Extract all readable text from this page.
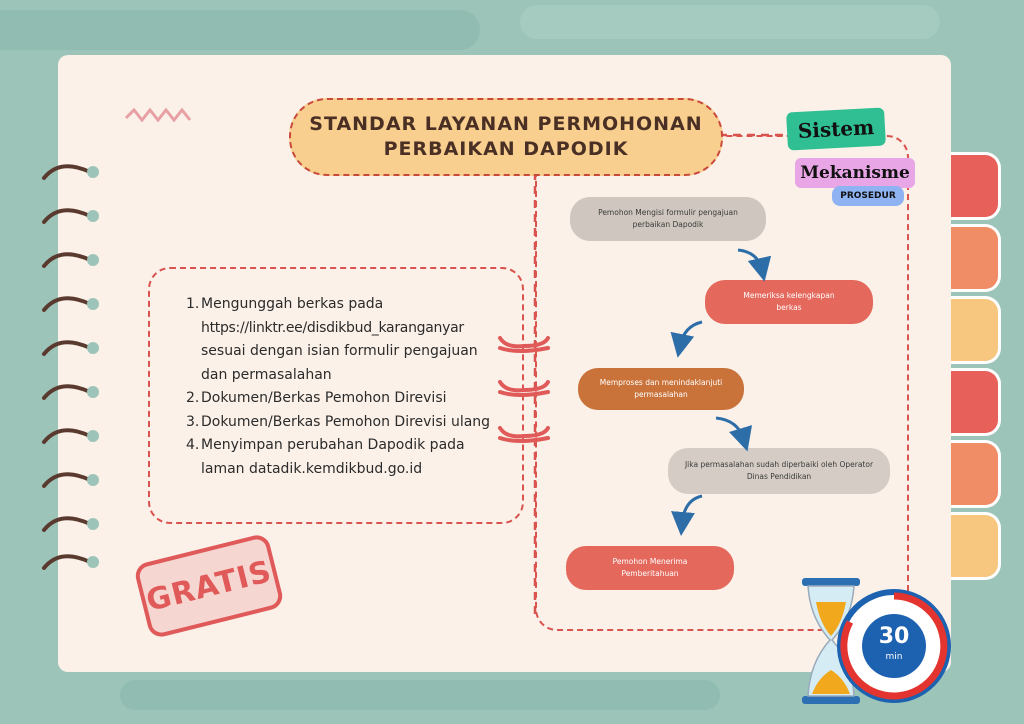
STANDAR LAYANAN PERMOHONAN
PERBAIKAN DAPODIK
Sistem
Mekanisme
PROSEDUR
1. Mengunggah berkas pada
https://linktr.ee/disdikbud_karanganyar
sesuai dengan isian formulir pengajuan
dan permasalahan
2. Dokumen/Berkas Pemohon Direvisi
3. Dokumen/Berkas Pemohon Direvisi ulang
4. Menyimpan perubahan Dapodik pada
laman datadik.kemdikbud.go.id
Pemohon Mengisi formulir pengajuan perbaikan Dapodik
Memeriksa kelengkapan berkas
Memproses dan menindaklanjuti permasalahan
Jika permasalahan sudah diperbaiki oleh Operator Dinas Pendidikan
Pemohon Menerima Pemberitahuan
GRATIS
30
min
